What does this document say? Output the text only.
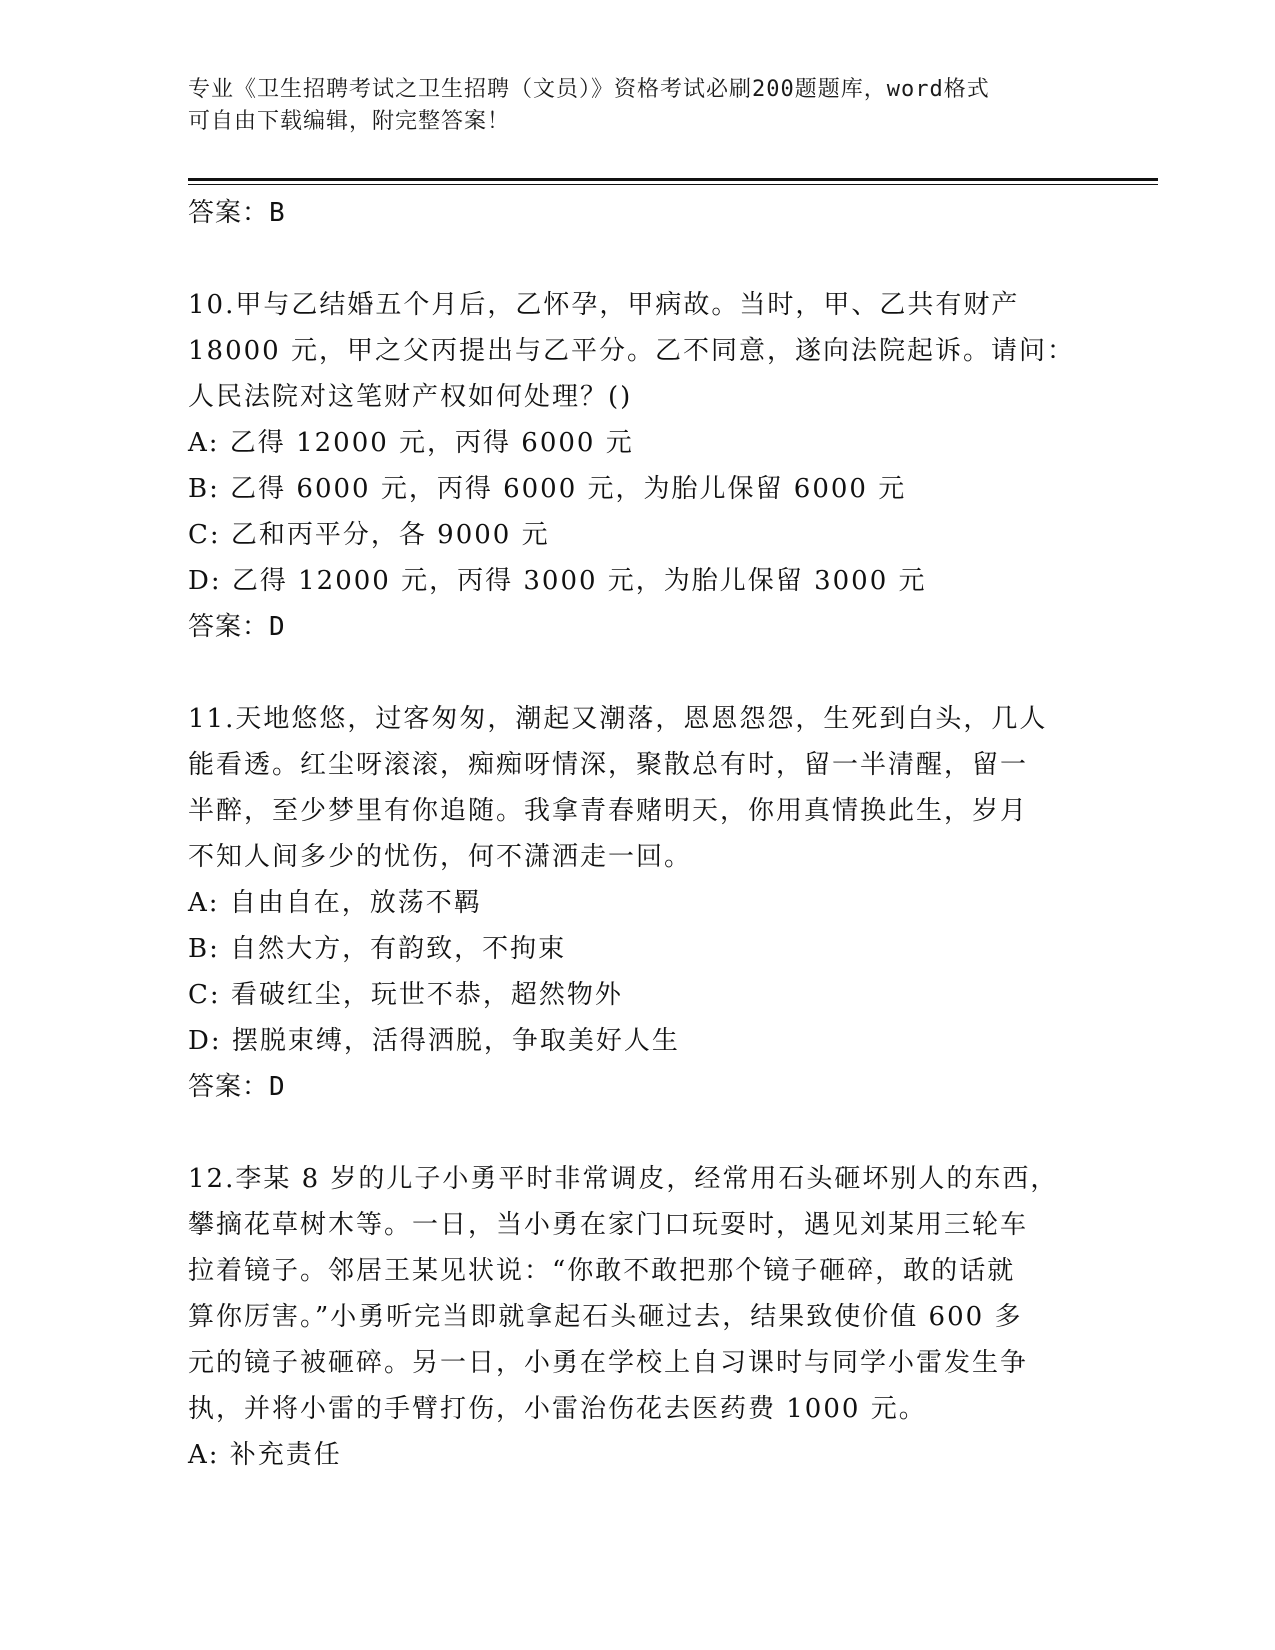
专业《卫生招聘考试之卫生招聘（文员）》资格考试必刷200题题库，word格式
可自由下载编辑，附完整答案！
答案：B
10.甲与乙结婚五个月后，乙怀孕，甲病故。当时，甲、乙共有财产
18000 元，甲之父丙提出与乙平分。乙不同意，遂向法院起诉。请问：
人民法院对这笔财产权如何处理？()
A: 乙得 12000 元，丙得 6000 元
B: 乙得 6000 元，丙得 6000 元，为胎儿保留 6000 元
C: 乙和丙平分，各 9000 元
D: 乙得 12000 元，丙得 3000 元，为胎儿保留 3000 元
答案：D
11.天地悠悠，过客匆匆，潮起又潮落，恩恩怨怨，生死到白头，几人
能看透。红尘呀滚滚，痴痴呀情深，聚散总有时，留一半清醒，留一
半醉，至少梦里有你追随。我拿青春赌明天，你用真情换此生，岁月
不知人间多少的忧伤，何不潇洒走一回。
A: 自由自在，放荡不羁
B: 自然大方，有韵致，不拘束
C: 看破红尘，玩世不恭，超然物外
D: 摆脱束缚，活得洒脱，争取美好人生
答案：D
12.李某 8 岁的儿子小勇平时非常调皮，经常用石头砸坏别人的东西，
攀摘花草树木等。一日，当小勇在家门口玩耍时，遇见刘某用三轮车
拉着镜子。邻居王某见状说：“你敢不敢把那个镜子砸碎，敢的话就
算你厉害。”小勇听完当即就拿起石头砸过去，结果致使价值 600 多
元的镜子被砸碎。另一日，小勇在学校上自习课时与同学小雷发生争
执，并将小雷的手臂打伤，小雷治伤花去医药费 1000 元。
A: 补充责任
